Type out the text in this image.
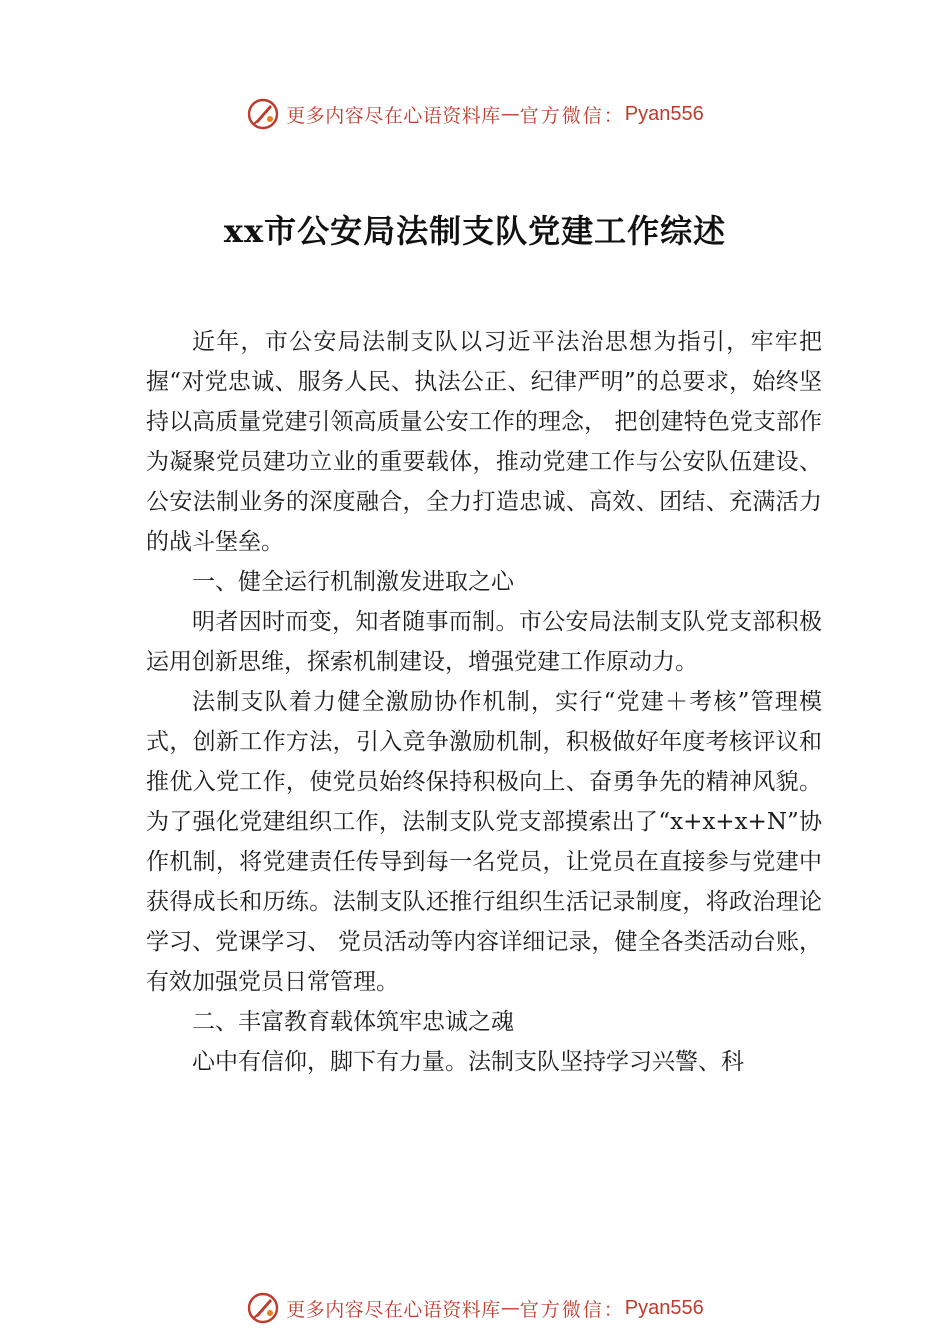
更多内容尽在心语资料库 — 官方微信： Pyan556
xx市公安局法制支队党建工作综述

近年，市公安局法制支队以习近平法治思想为指引，牢牢把握“对党忠诚、服务人民、执法公正、纪律严明”的总要求，始终坚持以高质量党建引领高质量公安工作的理念， 把创建特色党支部作为凝聚党员建功立业的重要载体，推动党建工作与公安队伍建设、公安法制业务的深度融合，全力打造忠诚、高效、团结、充满活力的战斗堡垒。

一、健全运行机制激发进取之心

明者因时而变，知者随事而制。市公安局法制支队党支部积极运用创新思维，探索机制建设，增强党建工作原动力。

法制支队着力健全激励协作机制，实行“党建＋考核”管理模式，创新工作方法，引入竞争激励机制，积极做好年度考核评议和推优入党工作，使党员始终保持积极向上、奋勇争先的精神风貌。为了强化党建组织工作，法制支队党支部摸索出了“x+x+x+N”协作机制，将党建责任传导到每一名党员，让党员在直接参与党建中获得成长和历练。法制支队还推行组织生活记录制度，将政治理论学习、党课学习、 党员活动等内容详细记录，健全各类活动台账，有效加强党员日常管理。

二、丰富教育载体筑牢忠诚之魂

心中有信仰，脚下有力量。法制支队坚持学习兴警、科

更多内容尽在心语资料库 — 官方微信： Pyan556
